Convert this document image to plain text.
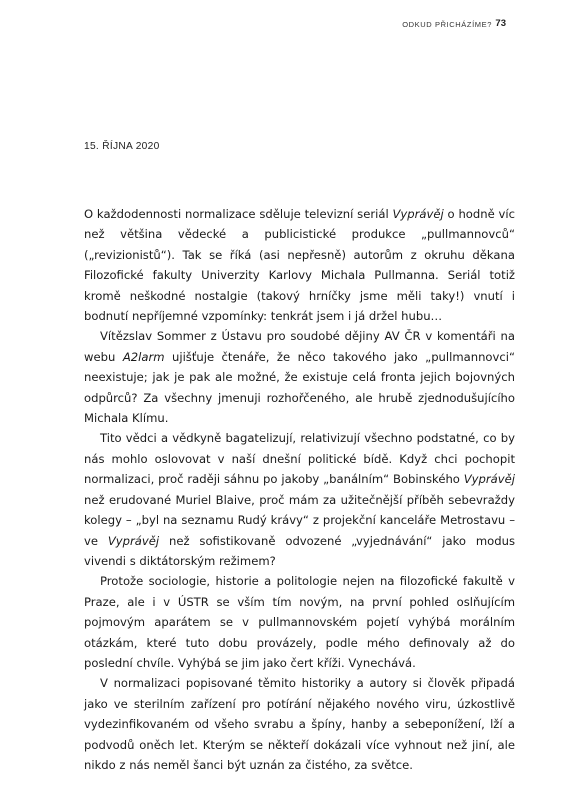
ODKUD PŘICHÁZÍME? 73
15. ŘÍJNA 2020

O každodennosti normalizace sděluje televizní seriál Vyprávěj o hodně víc než většina vědecké a publicistické produkce „pullmannovců“ („revizionistů“). Tak se říká (asi nepřesně) autorům z okruhu děkana Filozofické fakulty Univerzity Karlovy Michala Pullmanna. Seriál totiž kromě neškodné nostalgie (takový hrníčky jsme měli taky!) vnutí i bodnutí nepříjemné vzpomínky: tenkrát jsem i já držel hubu…

Vítězslav Sommer z Ústavu pro soudobé dějiny AV ČR v komentáři na webu A2larm ujišťuje čtenáře, že něco takového jako „pullmannovci“ neexistuje; jak je pak ale možné, že existuje celá fronta jejich bojovných odpůrců? Za všechny jmenuji rozhořčeného, ale hrubě zjednodušujícího Michala Klímu.

Tito vědci a vědkyně bagatelizují, relativizují všechno podstatné, co by nás mohlo oslovovat v naší dnešní politické bídě. Když chci pochopit normalizaci, proč raději sáhnu po jakoby „banálním“ Bobinského Vyprávěj než erudované Muriel Blaive, proč mám za užitečnější příběh sebevraždy kolegy – „byl na seznamu Rudý krávy“ z projekční kanceláře Metrostavu – ve Vyprávěj než sofistikovaně odvozené „vyjednávání“ jako modus vivendi s diktátorským režimem?

Protože sociologie, historie a politologie nejen na filozofické fakultě v Praze, ale i v ÚSTR se vším tím novým, na první pohled oslňujícím pojmovým aparátem se v pullmannovském pojetí vyhýbá morálním otázkám, které tuto dobu provázely, podle mého definovaly až do poslední chvíle. Vyhýbá se jim jako čert kříži. Vynechává.

V normalizaci popisované těmito historiky a autory si člověk připadá jako ve sterilním zařízení pro potírání nějakého nového viru, úzkostlivě vydezinfikovaném od všeho svrabu a špíny, hanby a sebeponížení, lží a podvodů oněch let. Kterým se někteří dokázali více vyhnout než jiní, ale nikdo z nás neměl šanci být uznán za čistého, za světce.
